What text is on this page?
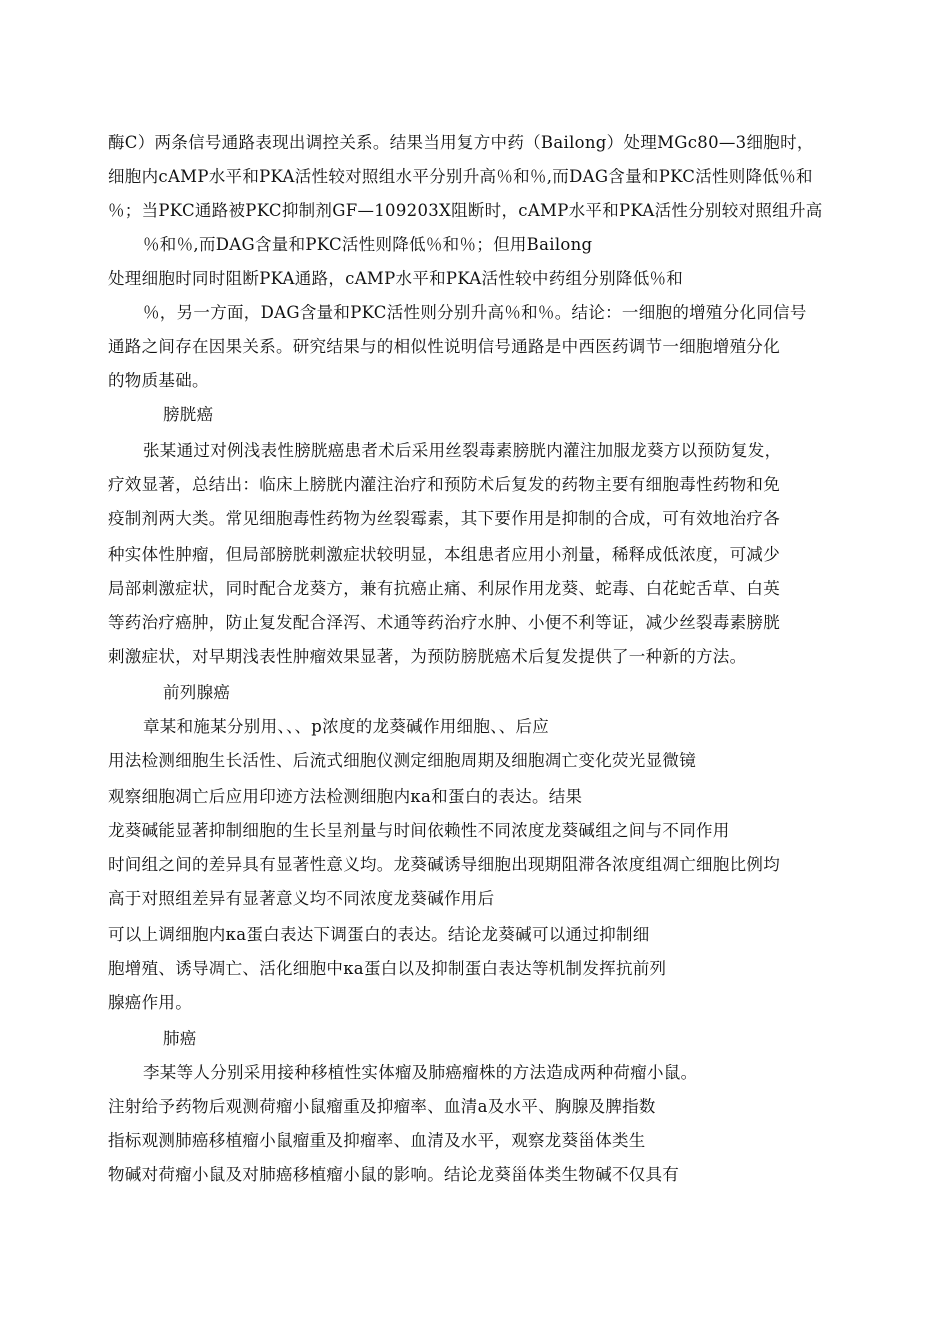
酶C）两条信号通路表现出调控关系。结果当用复方中药（Bailong）处理MGc80—3细胞时，
细胞内cAMP水平和PKA活性较对照组水平分别升高％和％,而DAG含量和PKC活性则降低％和
％；当PKC通路被PKC抑制剂GF—109203X阻断时，cAMP水平和PKA活性分别较对照组升高
％和％,而DAG含量和PKC活性则降低％和％；但用Bailong
处理细胞时同时阻断PKA通路，cAMP水平和PKA活性较中药组分别降低％和
％，另一方面，DAG含量和PKC活性则分别升高％和％。结论：一细胞的增殖分化同信号
通路之间存在因果关系。研究结果与的相似性说明信号通路是中西医药调节一细胞增殖分化
的物质基础。
膀胱癌
张某通过对例浅表性膀胱癌患者术后采用丝裂毒素膀胱内灌注加服龙葵方以预防复发，
疗效显著，总结出：临床上膀胱内灌注治疗和预防术后复发的药物主要有细胞毒性药物和免
疫制剂两大类。常见细胞毒性药物为丝裂霉素，其下要作用是抑制的合成，可有效地治疗各
种实体性肿瘤，但局部膀胱刺激症状较明显，本组患者应用小剂量，稀释成低浓度，可减少
局部刺激症状，同时配合龙葵方，兼有抗癌止痛、利尿作用龙葵、蛇毒、白花蛇舌草、白英
等药治疗癌肿，防止复发配合泽泻、术通等药治疗水肿、小便不利等证，减少丝裂毒素膀胱
刺激症状，对早期浅表性肿瘤效果显著，为预防膀胱癌术后复发提供了一种新的方法。
前列腺癌
章某和施某分别用、、、p浓度的龙葵碱作用细胞、、后应
用法检测细胞生长活性、后流式细胞仪测定细胞周期及细胞凋亡变化荧光显微镜
观察细胞凋亡后应用印迹方法检测细胞内κa和蛋白的表达。结果
龙葵碱能显著抑制细胞的生长呈剂量与时间依赖性不同浓度龙葵碱组之间与不同作用
时间组之间的差异具有显著性意义均。龙葵碱诱导细胞出现期阻滞各浓度组凋亡细胞比例均
高于对照组差异有显著意义均不同浓度龙葵碱作用后
可以上调细胞内κa蛋白表达下调蛋白的表达。结论龙葵碱可以通过抑制细
胞增殖、诱导凋亡、活化细胞中κa蛋白以及抑制蛋白表达等机制发挥抗前列
腺癌作用。
肺癌
李某等人分别采用接种移植性实体瘤及肺癌瘤株的方法造成两种荷瘤小鼠。
注射给予药物后观测荷瘤小鼠瘤重及抑瘤率、血清a及水平、胸腺及脾指数
指标观测肺癌移植瘤小鼠瘤重及抑瘤率、血清及水平，观察龙葵甾体类生
物碱对荷瘤小鼠及对肺癌移植瘤小鼠的影响。结论龙葵甾体类生物碱不仅具有
